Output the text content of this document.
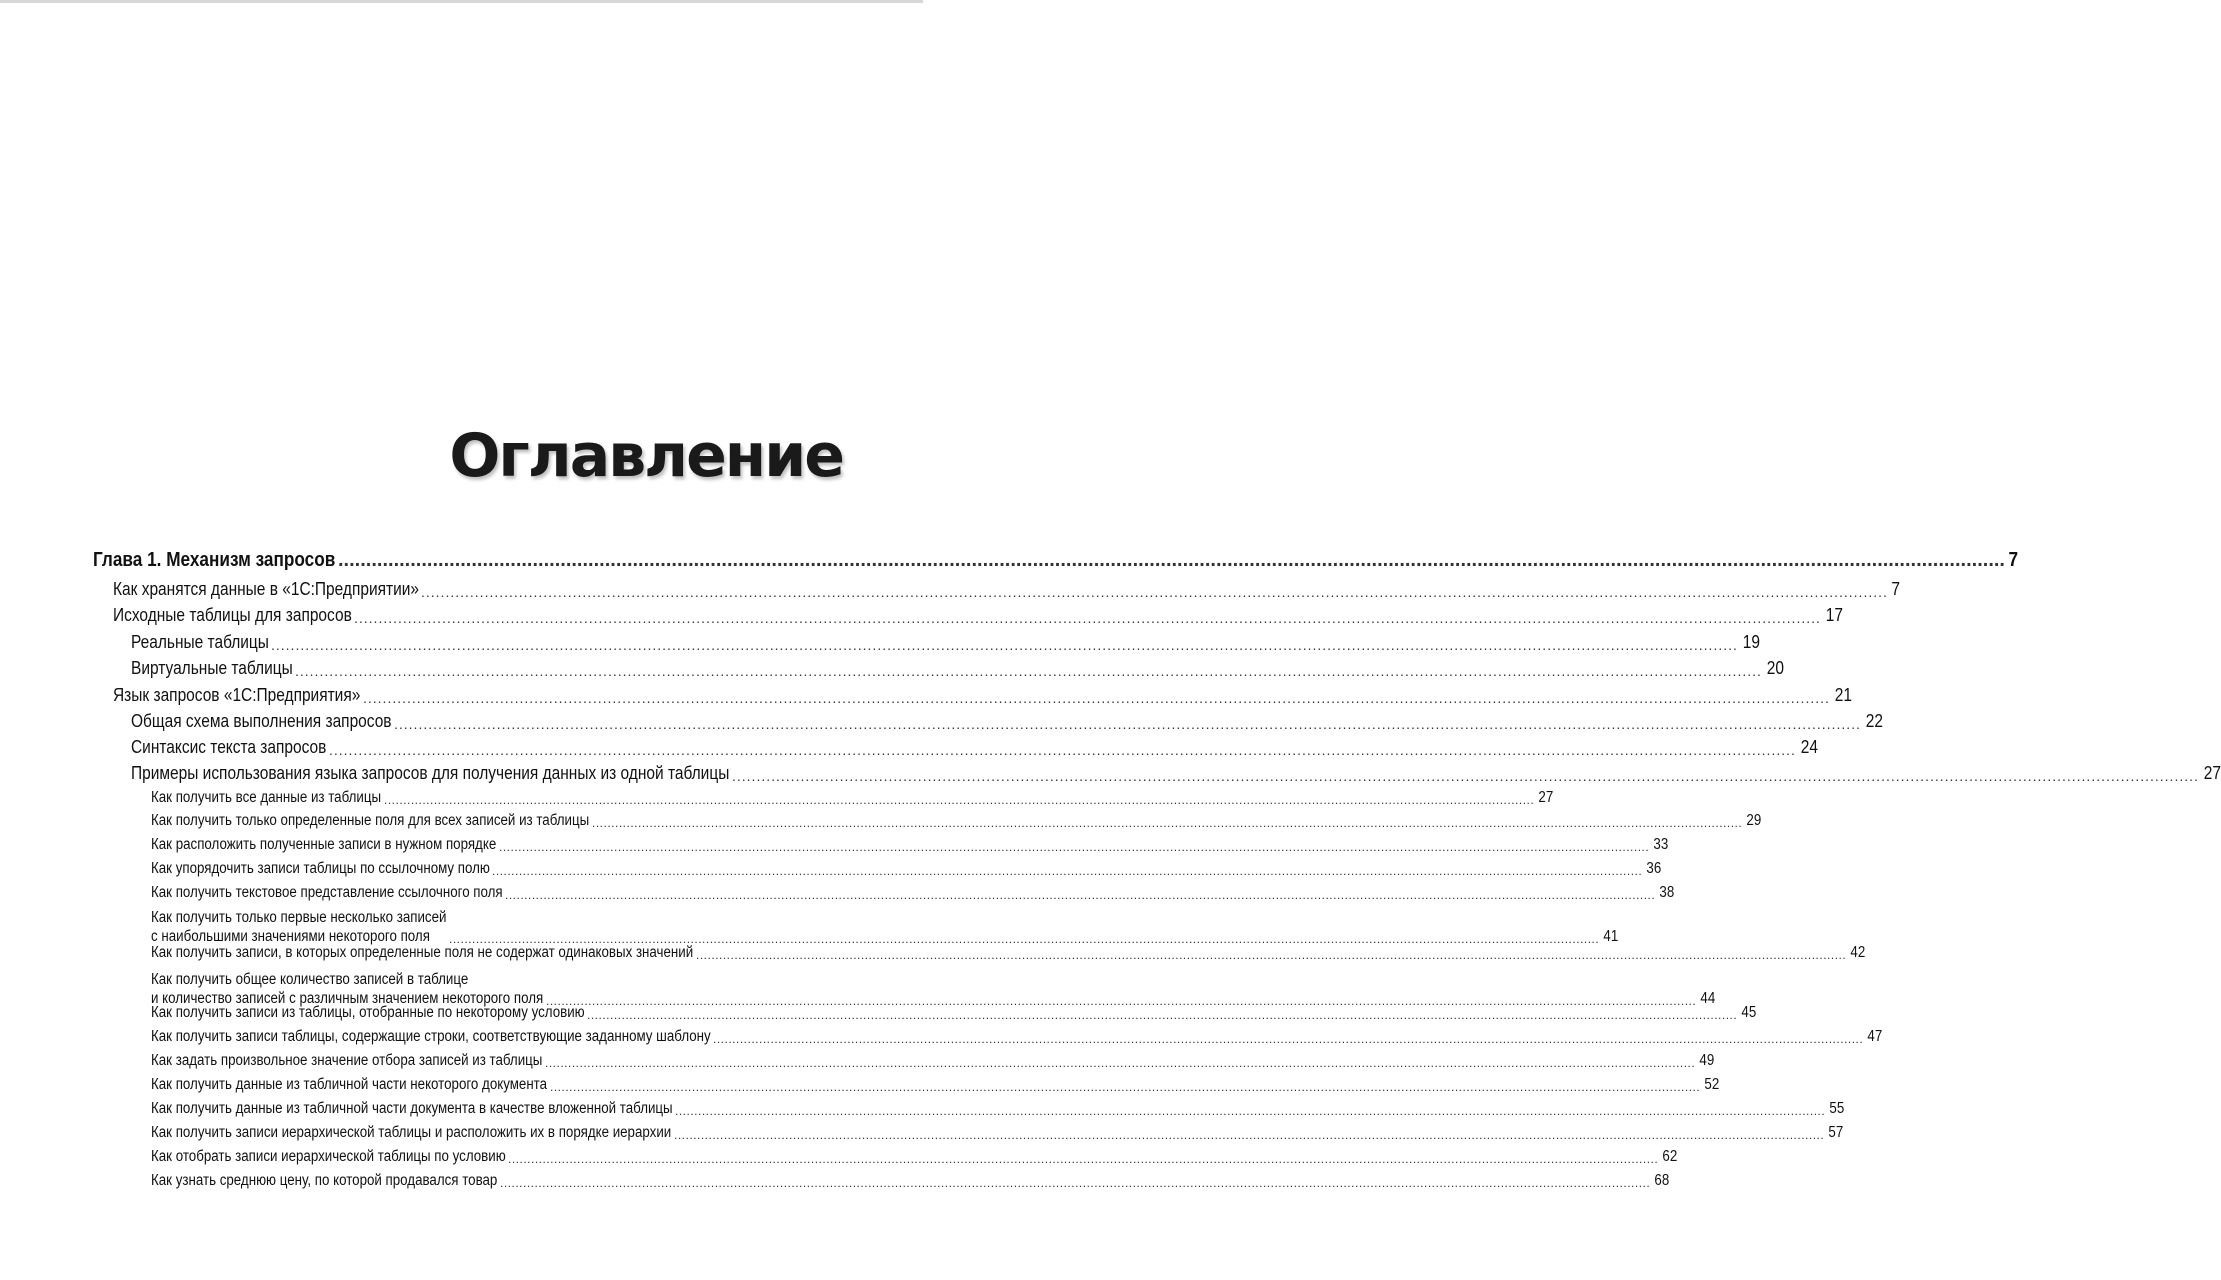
Оглавление
Глава 1. Механизм запросов ............................................................................................................................................................................................................................................................................................................ 7
Как хранятся данные в «1С:Предприятии» ............................................................................................................................................................................................................................................................................................................ 7
Исходные таблицы для запросов ............................................................................................................................................................................................................................................................................................................ 17
Реальные таблицы ............................................................................................................................................................................................................................................................................................................ 19
Виртуальные таблицы ............................................................................................................................................................................................................................................................................................................ 20
Язык запросов «1С:Предприятия» ............................................................................................................................................................................................................................................................................................................ 21
Общая схема выполнения запросов ............................................................................................................................................................................................................................................................................................................ 22
Синтаксис текста запросов ............................................................................................................................................................................................................................................................................................................ 24
Примеры использования языка запросов для получения данных из одной таблицы ............................................................................................................................................................................................................................................................................................................ 27
Как получить все данные из таблицы ............................................................................................................................................................................................................................................................................................................ 27
Как получить только определенные поля для всех записей из таблицы ............................................................................................................................................................................................................................................................................................................ 29
Как расположить полученные записи в нужном порядке ............................................................................................................................................................................................................................................................................................................ 33
Как упорядочить записи таблицы по ссылочному полю ............................................................................................................................................................................................................................................................................................................ 36
Как получить текстовое представление ссылочного поля ............................................................................................................................................................................................................................................................................................................ 38
Как получить только первые несколько записей
с наибольшими значениями некоторого поля ............................................................................................................................................................................................................................................................................................................ 41
Как получить записи, в которых определенные поля не содержат одинаковых значений ............................................................................................................................................................................................................................................................................................................ 42
Как получить общее количество записей в таблице
и количество записей с различным значением некоторого поля ............................................................................................................................................................................................................................................................................................................ 44
Как получить записи из таблицы, отобранные по некоторому условию ............................................................................................................................................................................................................................................................................................................ 45
Как получить записи таблицы, содержащие строки, соответствующие заданному шаблону ............................................................................................................................................................................................................................................................................................................ 47
Как задать произвольное значение отбора записей из таблицы ............................................................................................................................................................................................................................................................................................................ 49
Как получить данные из табличной части некоторого документа ............................................................................................................................................................................................................................................................................................................ 52
Как получить данные из табличной части документа в качестве вложенной таблицы ............................................................................................................................................................................................................................................................................................................ 55
Как получить записи иерархической таблицы и расположить их в порядке иерархии ............................................................................................................................................................................................................................................................................................................ 57
Как отобрать записи иерархической таблицы по условию ............................................................................................................................................................................................................................................................................................................ 62
Как узнать среднюю цену, по которой продавался товар ............................................................................................................................................................................................................................................................................................................ 68
